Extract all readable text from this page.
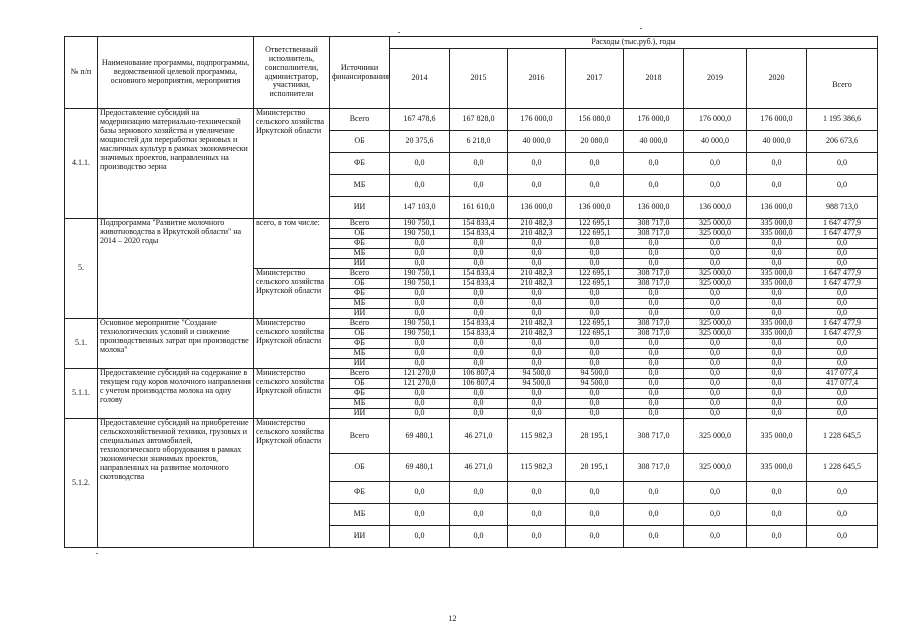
№ п/п	Наименование программы, подпрограммы, ведомственной целевой программы, основного мероприятия, мероприятия	Ответственный исполнитель, соисполнители, администратор, участники, исполнители	Источники финансирования	Расходы (тыс.руб.), годы							
				2014	2015	2016	2017	2018	2019	2020	Всего
4.1.1.	Предоставление субсидий на модернизацию материально-технической базы зернового хозяйства и увеличение мощностей для переработки зерновых и масличных культур в рамках экономически значимых проектов, направленных на производство зерна	Министерство сельского хозяйства Иркутской области	Всего	167 478,6	167 828,0	176 000,0	156 080,0	176 000,0	176 000,0	176 000,0	1 195 386,6
			ОБ	20 375,6	6 218,0	40 000,0	20 080,0	40 000,0	40 000,0	40 000,0	206 673,6
			ФБ	0,0	0,0	0,0	0,0	0,0	0,0	0,0	0,0
			МБ	0,0	0,0	0,0	0,0	0,0	0,0	0,0	0,0
			ИИ	147 103,0	161 610,0	136 000,0	136 000,0	136 000,0	136 000,0	136 000,0	988 713,0
5.	Подпрограмма "Развитие молочного животноводства в Иркутской области" на 2014 – 2020 годы	всего, в том числе:	Всего	190 750,1	154 833,4	210 482,3	122 695,1	308 717,0	325 000,0	335 000,0	1 647 477,9
			ОБ	190 750,1	154 833,4	210 482,3	122 695,1	308 717,0	325 000,0	335 000,0	1 647 477,9
			ФБ	0,0	0,0	0,0	0,0	0,0	0,0	0,0	0,0
			МБ	0,0	0,0	0,0	0,0	0,0	0,0	0,0	0,0
			ИИ	0,0	0,0	0,0	0,0	0,0	0,0	0,0	0,0
		Министерство сельского хозяйства Иркутской области	Всего	190 750,1	154 833,4	210 482,3	122 695,1	308 717,0	325 000,0	335 000,0	1 647 477,9
			ОБ	190 750,1	154 833,4	210 482,3	122 695,1	308 717,0	325 000,0	335 000,0	1 647 477,9
			ФБ	0,0	0,0	0,0	0,0	0,0	0,0	0,0	0,0
			МБ	0,0	0,0	0,0	0,0	0,0	0,0	0,0	0,0
			ИИ	0,0	0,0	0,0	0,0	0,0	0,0	0,0	0,0
5.1.	Основное мероприятие "Создание технологических условий и снижение производственных затрат при производстве молока"	Министерство сельского хозяйства Иркутской области	Всего	190 750,1	154 833,4	210 482,3	122 695,1	308 717,0	325 000,0	335 000,0	1 647 477,9
			ОБ	190 750,1	154 833,4	210 482,3	122 695,1	308 717,0	325 000,0	335 000,0	1 647 477,9
			ФБ	0,0	0,0	0,0	0,0	0,0	0,0	0,0	0,0
			МБ	0,0	0,0	0,0	0,0	0,0	0,0	0,0	0,0
			ИИ	0,0	0,0	0,0	0,0	0,0	0,0	0,0	0,0
5.1.1.	Предоставление субсидий на содержание в текущем году коров молочного направления с учетом производства молока на одну голову	Министерство сельского хозяйства Иркутской области	Всего	121 270,0	106 807,4	94 500,0	94 500,0	0,0	0,0	0,0	417 077,4
			ОБ	121 270,0	106 807,4	94 500,0	94 500,0	0,0	0,0	0,0	417 077,4
			ФБ	0,0	0,0	0,0	0,0	0,0	0,0	0,0	0,0
			МБ	0,0	0,0	0,0	0,0	0,0	0,0	0,0	0,0
			ИИ	0,0	0,0	0,0	0,0	0,0	0,0	0,0	0,0
5.1.2.	Предоставление субсидий на приобретение сельскохозяйственной техники, грузовых и специальных автомобилей, технологического оборудования в рамках экономически значимых проектов, направленных на развитие молочного скотоводства	Министерство сельского хозяйства Иркутской области	Всего	69 480,1	46 271,0	115 982,3	28 195,1	308 717,0	325 000,0	335 000,0	1 228 645,5
			ОБ	69 480,1	46 271,0	115 982,3	28 195,1	308 717,0	325 000,0	335 000,0	1 228 645,5
			ФБ	0,0	0,0	0,0	0,0	0,0	0,0	0,0	0,0
			МБ	0,0	0,0	0,0	0,0	0,0	0,0	0,0	0,0
			ИИ	0,0	0,0	0,0	0,0	0,0	0,0	0,0	0,0
12
